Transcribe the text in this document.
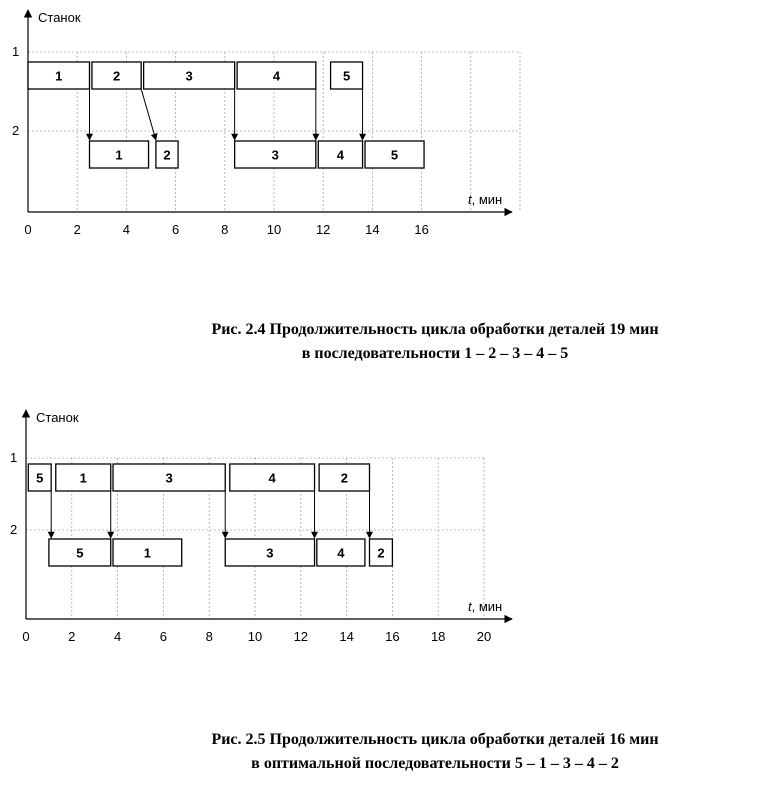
Станок
t, мин
1
2
0	2	4	6	8	10	12	14	16
1	2	3	4	5
1	2	3	4	5
Станок
t, мин
1
2
0	2	4	6	8	10 12 14 16 18 20
5	1	3	4	2
5	1	3	4	2
Рис. 2.4 Продолжительность цикла обработки деталей 19 мин
в последовательности 1 – 2 – 3 – 4 – 5
Рис. 2.5 Продолжительность цикла обработки деталей 16 мин
в оптимальной последовательности 5 – 1 – 3 – 4 – 2
